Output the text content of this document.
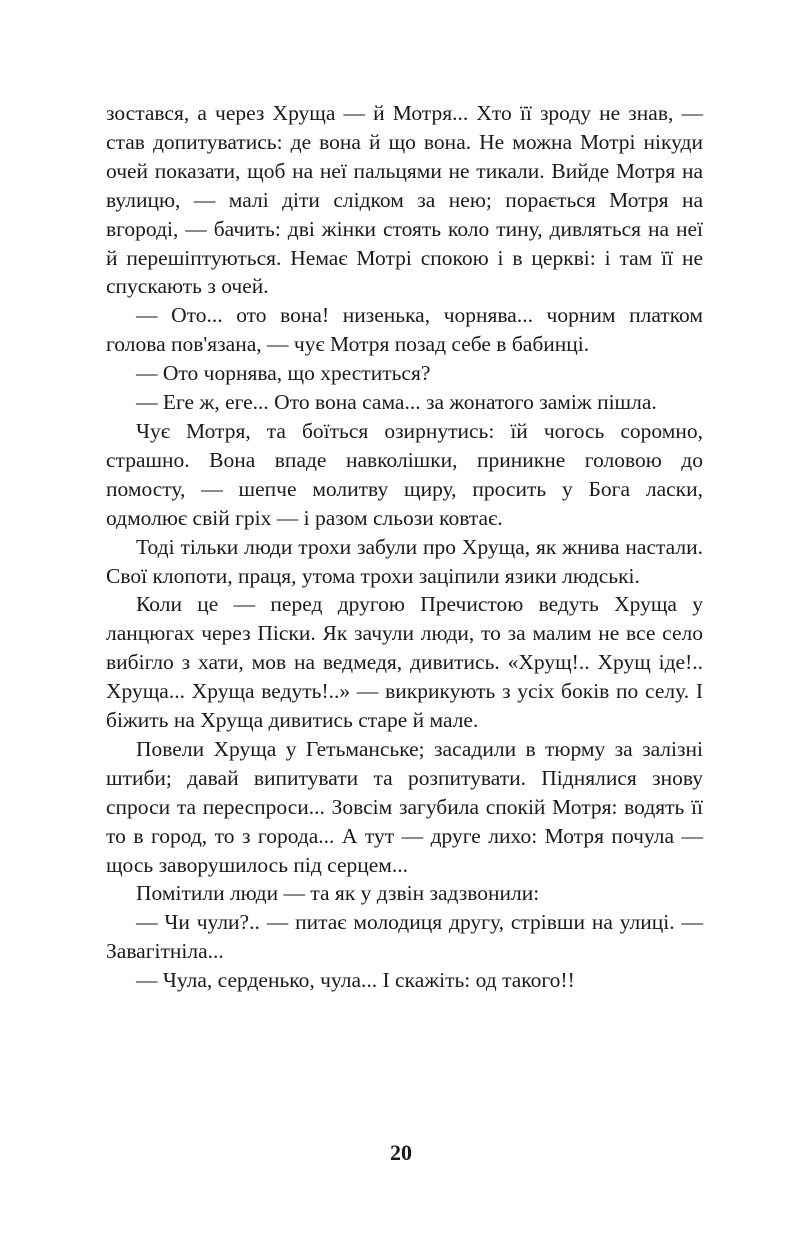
зостався, а через Хруща — й Мотря... Хто її зроду не знав, — став допитуватись: де вона й що вона. Не можна Мотрі нікуди очей показати, щоб на неї пальцями не тикали. Вийде Мотря на вулицю, — малі діти слідком за нею; порається Мотря на вгороді, — бачить: дві жінки стоять коло тину, дивляться на неї й перешіптуються. Немає Мотрі спокою і в церкві: і там її не спускають з очей.

— Ото... ото вона! низенька, чорнява... чорним платком голова пов'язана, — чує Мотря позад себе в бабинці.

— Ото чорнява, що хреститься?

— Еге ж, еге... Ото вона сама... за жонатого заміж пішла.

Чує Мотря, та боїться озирнутись: їй чогось соромно, страшно. Вона впаде навколішки, приникне головою до помосту, — шепче молитву щиру, просить у Бога ласки, одмолює свій гріх — і разом сльози ковтає.

Тоді тільки люди трохи забули про Хруща, як жнива настали. Свої клопоти, праця, утома трохи заціпили язики людські.

Коли це — перед другою Пречистою ведуть Хруща у ланцюгах через Піски. Як зачули люди, то за малим не все село вибігло з хати, мов на ведмедя, дивитись. «Хрущ!.. Хрущ іде!.. Хруща... Хруща ведуть!..» — викрикують з усіх боків по селу. І біжить на Хруща дивитись старе й мале.

Повели Хруща у Гетьманське; засадили в тюрму за залізні штиби; давай випитувати та розпитувати. Піднялися знову спроси та переспроси... Зовсім загубила спокій Мотря: водять її то в город, то з города... А тут — друге лихо: Мотря почула — щось заворушилось під серцем...

Помітили люди — та як у дзвін задзвонили:

— Чи чули?.. — питає молодиця другу, стрівши на улиці. — Завагітніла...

— Чула, серденько, чула... І скажіть: од такого!!

20
